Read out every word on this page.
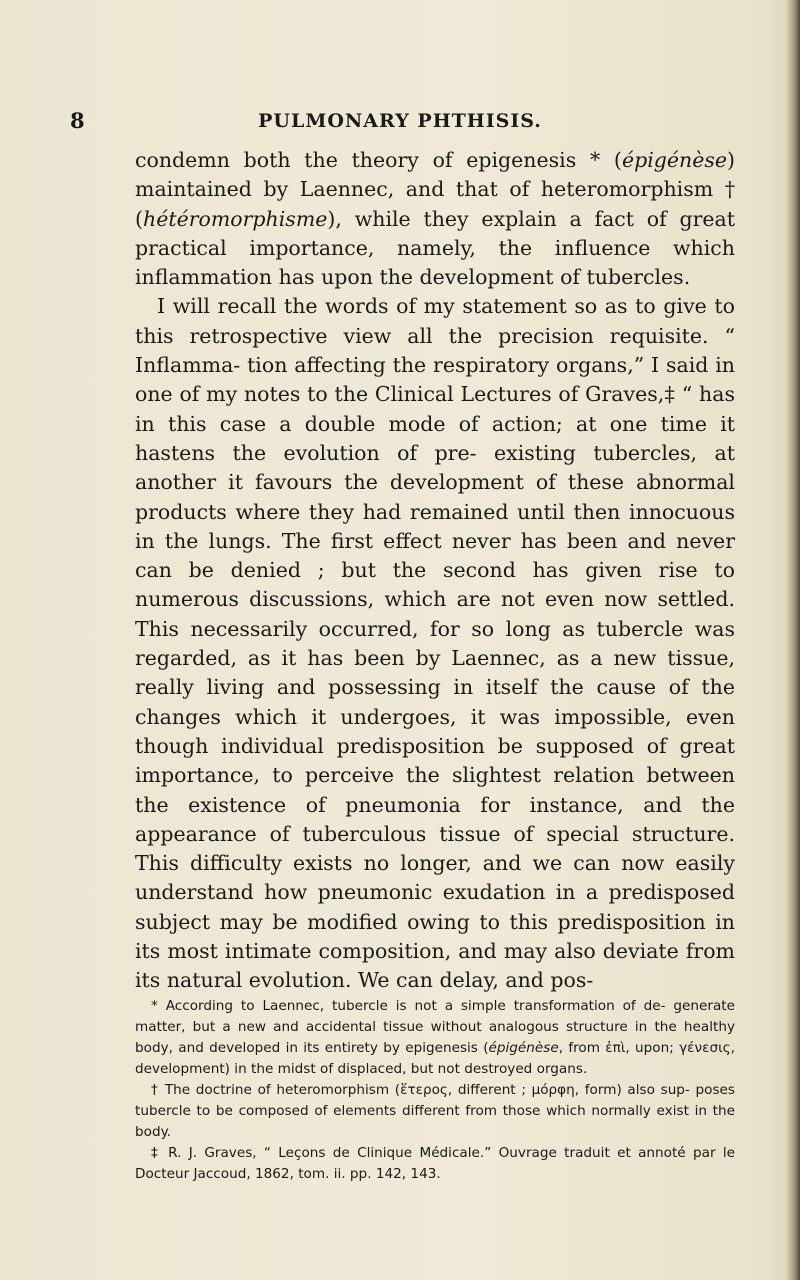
8	PULMONARY PHTHISIS.

condemn both the theory of epigenesis * (épigénèse) maintained by Laennec, and that of heteromorphism † (hétéromorphisme), while they explain a fact of great practical importance, namely, the influence which inflammation has upon the development of tubercles.

I will recall the words of my statement so as to give to this retrospective view all the precision requisite. “ Inflamma- tion affecting the respiratory organs,” I said in one of my notes to the Clinical Lectures of Graves,‡ “ has in this case a double mode of action; at one time it hastens the evolution of pre- existing tubercles, at another it favours the development of these abnormal products where they had remained until then innocuous in the lungs. The first effect never has been and never can be denied ; but the second has given rise to numerous discussions, which are not even now settled. This necessarily occurred, for so long as tubercle was regarded, as it has been by Laennec, as a new tissue, really living and possessing in itself the cause of the changes which it undergoes, it was impossible, even though individual predisposition be supposed of great importance, to perceive the slightest relation between the existence of pneumonia for instance, and the appearance of tuberculous tissue of special structure. This difficulty exists no longer, and we can now easily understand how pneumonic exudation in a predisposed subject may be modified owing to this predisposition in its most intimate composition, and may also deviate from its natural evolution. We can delay, and pos-

* According to Laennec, tubercle is not a simple transformation of de- generate matter, but a new and accidental tissue without analogous structure in the healthy body, and developed in its entirety by epigenesis (épigénèse, from ἐπὶ, upon; γένεσις, development) in the midst of displaced, but not destroyed organs.

† The doctrine of heteromorphism (ἕτερος, different ; μόρφη, form) also sup- poses tubercle to be composed of elements different from those which normally exist in the body.

‡ R. J. Graves, “ Leçons de Clinique Médicale.” Ouvrage traduit et annoté par le Docteur Jaccoud, 1862, tom. ii. pp. 142, 143.
